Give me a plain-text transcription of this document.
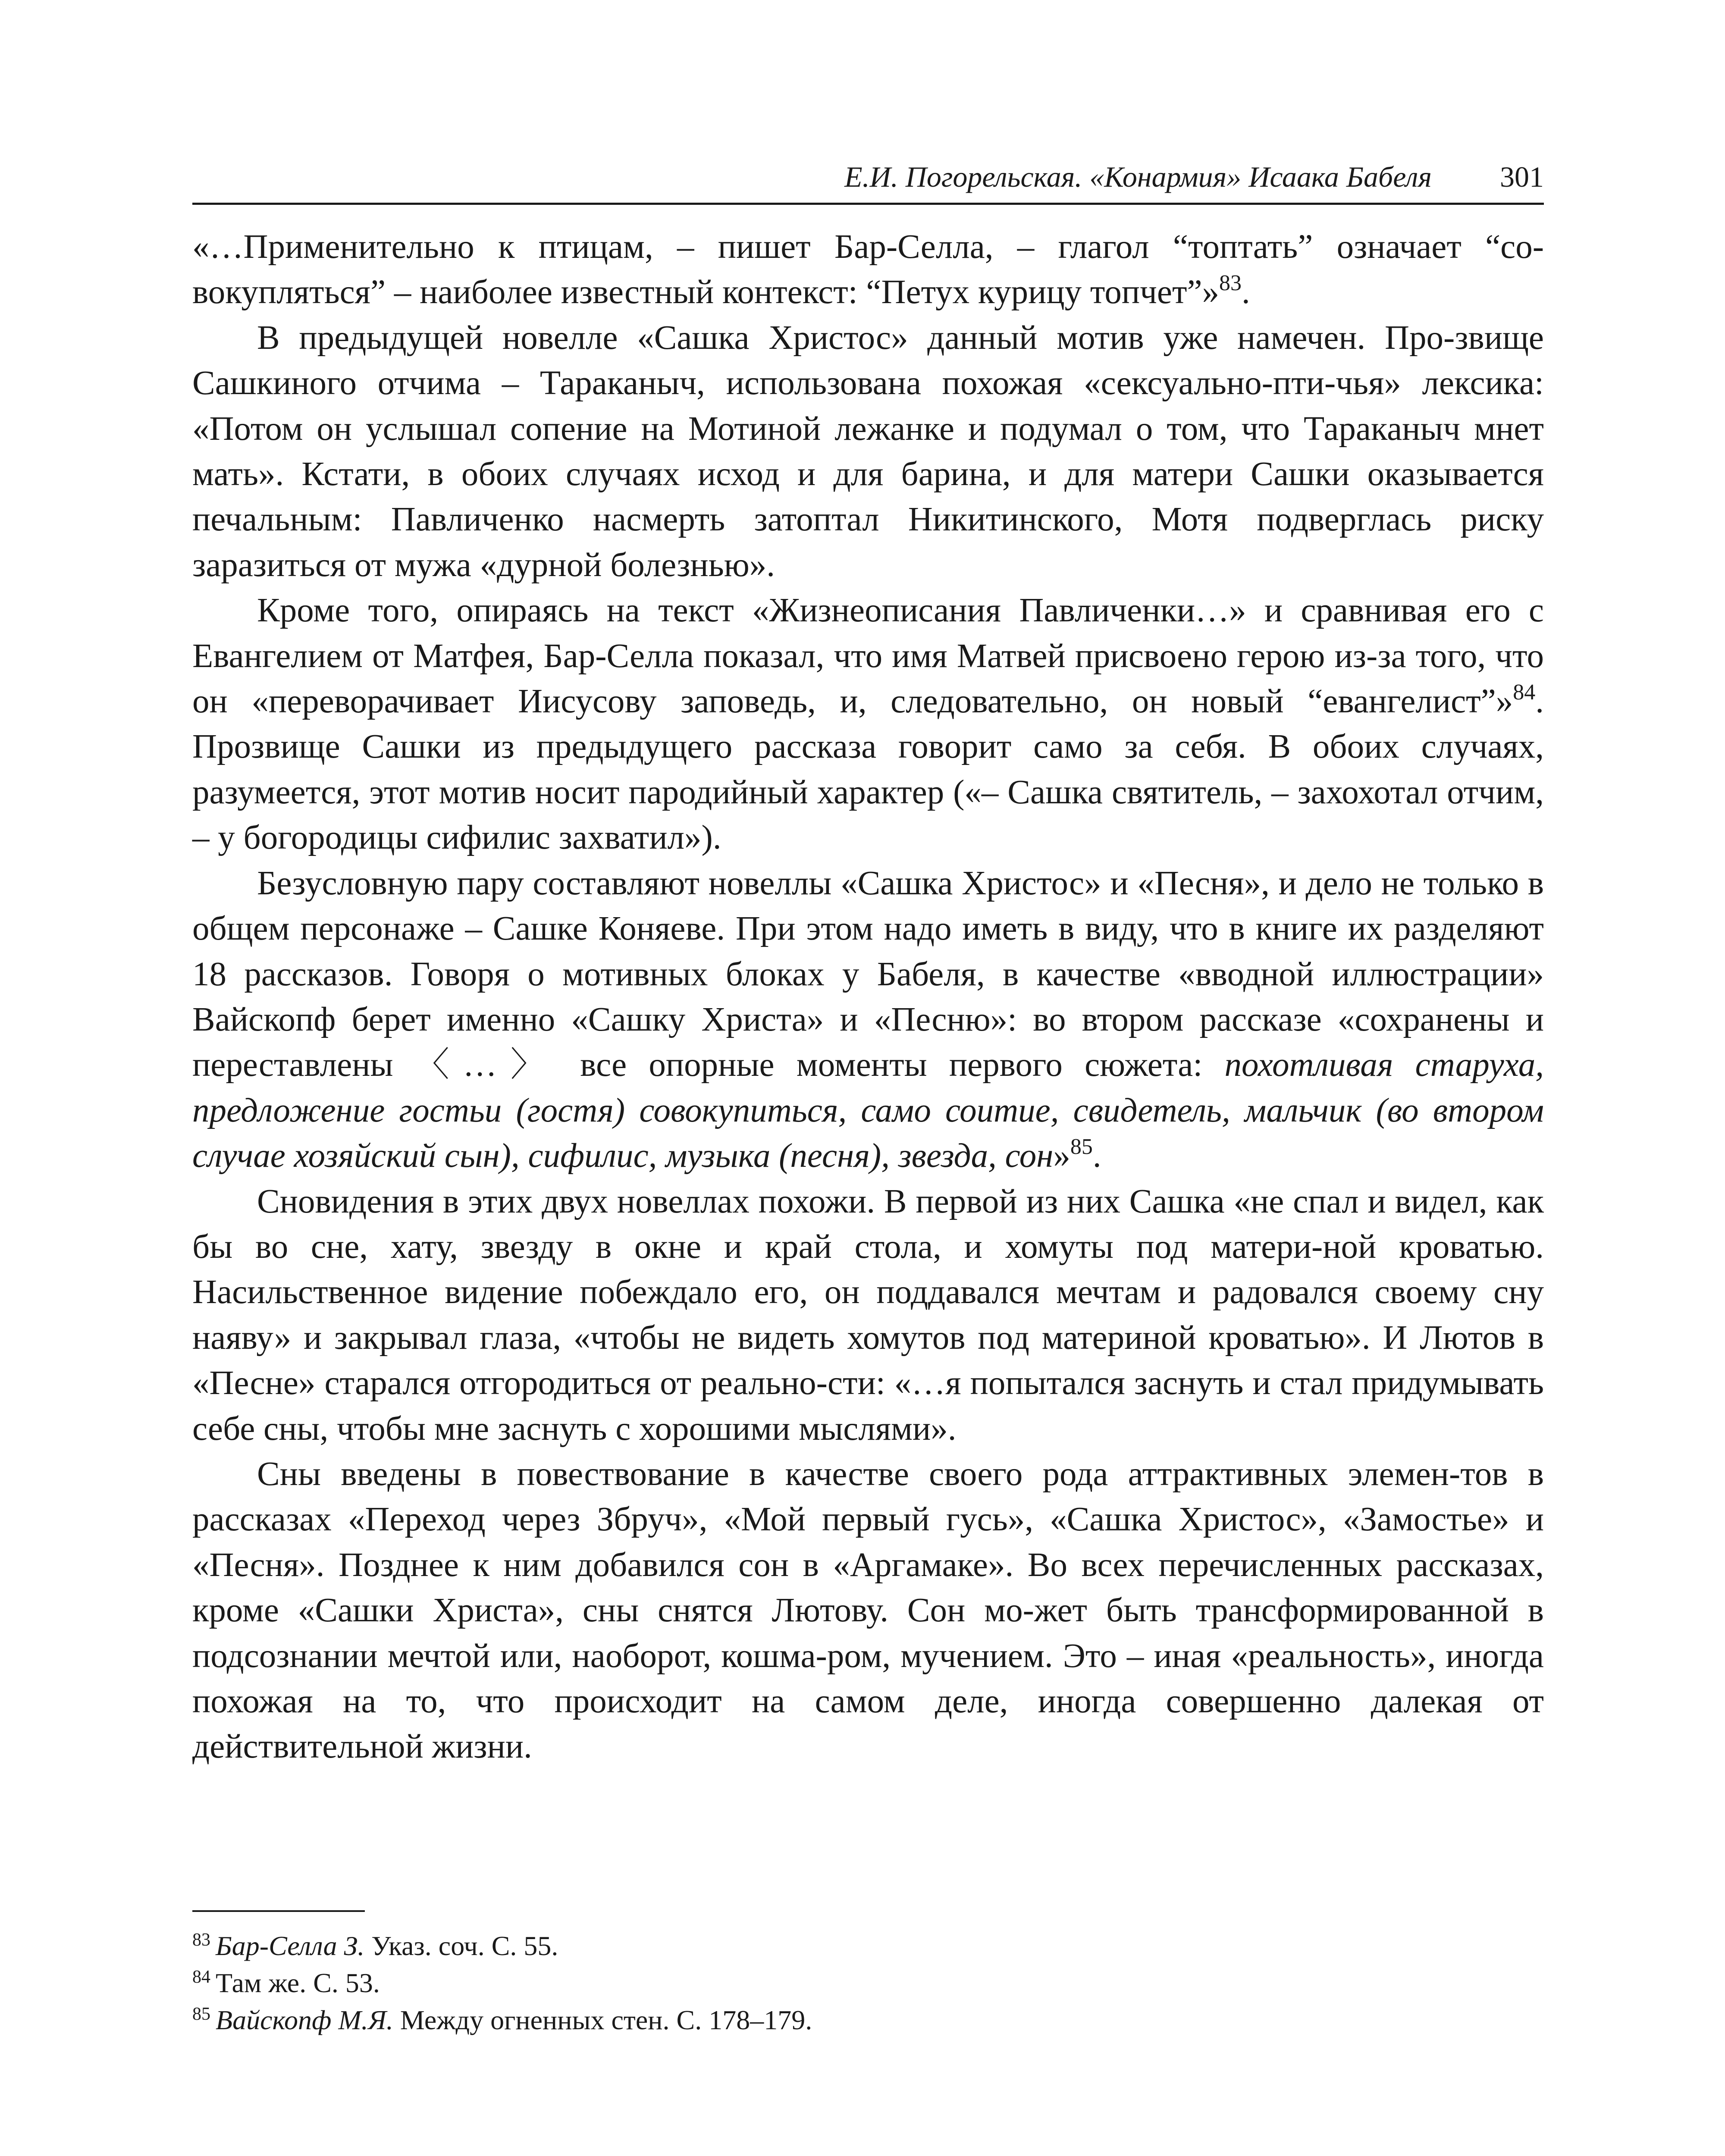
Е.И. Погорельская. «Конармия» Исаака Бабеля 301

«…Применительно к птицам, – пишет Бар-Селла, – глагол “топтать” означает “со-вокупляться” – наиболее известный контекст: “Петух курицу топчет”»$^{83}$.

В предыдущей новелле «Сашка Христос» данный мотив уже намечен. Про-звище Сашкиного отчима – Тараканыч, использована похожая «сексуально-пти-чья» лексика: «Потом он услышал сопение на Мотиной лежанке и подумал о том, что Тараканыч мнет мать». Кстати, в обоих случаях исход и для барина, и для матери Сашки оказывается печальным: Павличенко насмерть затоптал Никитинского, Мотя подверглась риску заразиться от мужа «дурной болезнью».

Кроме того, опираясь на текст «Жизнеописания Павличенки…» и сравнивая его с Евангелием от Матфея, Бар-Селла показал, что имя Матвей присвоено герою из-за того, что он «переворачивает Иисусову заповедь, и, следовательно, он новый “евангелист”»$^{84}$. Прозвище Сашки из предыдущего рассказа говорит само за себя. В обоих случаях, разумеется, этот мотив носит пародийный характер («– Сашка святитель, – захохотал отчим, – у богородицы сифилис захватил»).

Безусловную пару составляют новеллы «Сашка Христос» и «Песня», и дело не только в общем персонаже – Сашке Коняеве. При этом надо иметь в виду, что в книге их разделяют 18 рассказов. Говоря о мотивных блоках у Бабеля, в качестве «вводной иллюстрации» Вайскопф берет именно «Сашку Христа» и «Песню»: во втором рассказе «сохранены и переставлены 〈…〉 все опорные моменты первого сюжета: похотливая старуха, предложение гостьи (гостя) совокупиться, само соитие, свидетель, мальчик (во втором случае хозяйский сын), сифилис, музыка (песня), звезда, сон»$^{85}$.

Сновидения в этих двух новеллах похожи. В первой из них Сашка «не спал и видел, как бы во сне, хату, звезду в окне и край стола, и хомуты под матери-ной кроватью. Насильственное видение побеждало его, он поддавался мечтам и радовался своему сну наяву» и закрывал глаза, «чтобы не видеть хомутов под материной кроватью». И Лютов в «Песне» старался отгородиться от реально-сти: «…я попытался заснуть и стал придумывать себе сны, чтобы мне заснуть с хорошими мыслями».

Сны введены в повествование в качестве своего рода аттрактивных элемен-тов в рассказах «Переход через Збруч», «Мой первый гусь», «Сашка Христос», «Замостье» и «Песня». Позднее к ним добавился сон в «Аргамаке». Во всех перечисленных рассказах, кроме «Сашки Христа», сны снятся Лютову. Сон мо-жет быть трансформированной в подсознании мечтой или, наоборот, кошма-ром, мучением. Это – иная «реальность», иногда похожая на то, что происходит на самом деле, иногда совершенно далекая от действительной жизни.

$^{83}$ Бар-Селла З. Указ. соч. С. 55.
$^{84}$ Там же. С. 53.
$^{85}$ Вайскопф М.Я. Между огненных стен. С. 178–179.
